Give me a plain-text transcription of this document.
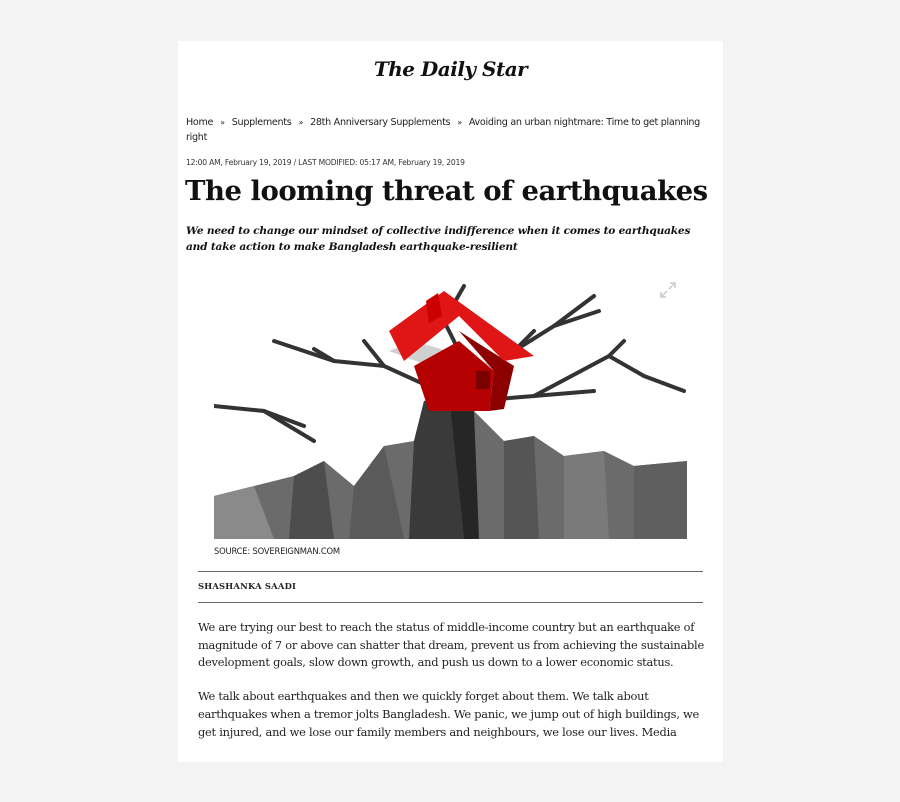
The Daily Star
Home » Supplements » 28th Anniversary Supplements » Avoiding an urban nightmare: Time to get planning right
12:00 AM, February 19, 2019 / LAST MODIFIED: 05:17 AM, February 19, 2019
The looming threat of earthquakes
We need to change our mindset of collective indifference when it comes to earthquakes and take action to make Bangladesh earthquake-resilient
SOURCE: SOVEREIGNMAN.COM
SHASHANKA SAADI

We are trying our best to reach the status of middle-income country but an earthquake of magnitude of 7 or above can shatter that dream, prevent us from achieving the sustainable development goals, slow down growth, and push us down to a lower economic status.

We talk about earthquakes and then we quickly forget about them. We talk about earthquakes when a tremor jolts Bangladesh. We panic, we jump out of high buildings, we get injured, and we lose our family members and neighbours, we lose our lives. Media
